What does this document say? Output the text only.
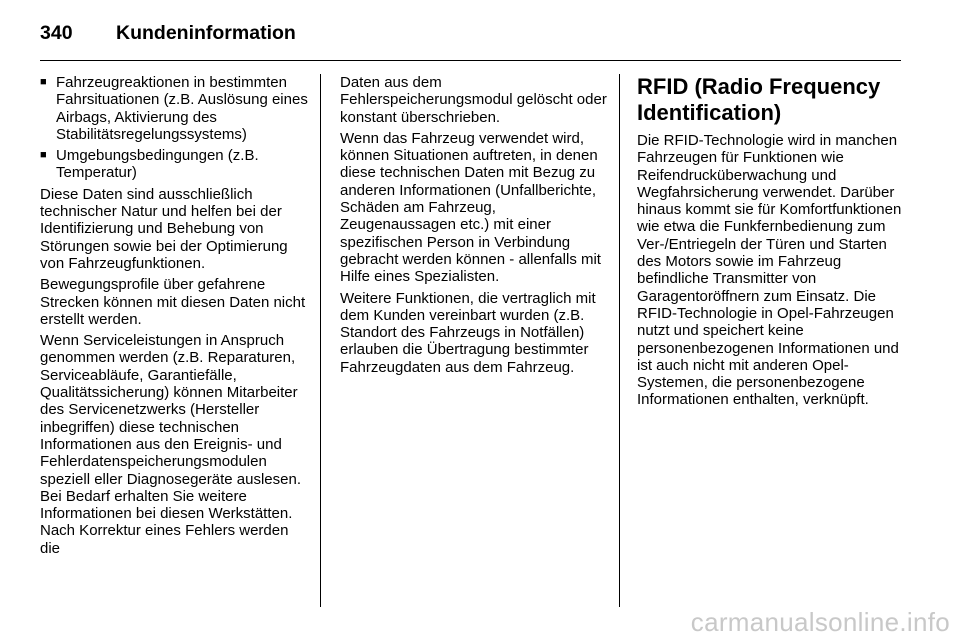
340 Kundeninformation
■ Fahrzeugreaktionen in bestimmten Fahrsituationen (z.B. Auslösung eines Airbags, Aktivierung des Stabilitätsregelungssystems)
■ Umgebungsbedingungen (z.B. Temperatur)

Diese Daten sind ausschließlich technischer Natur und helfen bei der Identifizierung und Behebung von Störungen sowie bei der Optimierung von Fahrzeugfunktionen.

Bewegungsprofile über gefahrene Strecken können mit diesen Daten nicht erstellt werden.

Wenn Serviceleistungen in Anspruch genommen werden (z.B. Reparaturen, Serviceabläufe, Garantiefälle, Qualitätssicherung) können Mitarbeiter des Servicenetzwerks (Hersteller inbegriffen) diese technischen Informationen aus den Ereignis- und Fehlerdatenspeicherungsmodulen speziell eller Diagnosegeräte auslesen. Bei Bedarf erhalten Sie weitere Informationen bei diesen Werkstätten. Nach Korrektur eines Fehlers werden die

Daten aus dem Fehlerspeicherungsmodul gelöscht oder konstant überschrieben.

Wenn das Fahrzeug verwendet wird, können Situationen auftreten, in denen diese technischen Daten mit Bezug zu anderen Informationen (Unfallberichte, Schäden am Fahrzeug, Zeugenaussagen etc.) mit einer spezifischen Person in Verbindung gebracht werden können - allenfalls mit Hilfe eines Spezialisten.

Weitere Funktionen, die vertraglich mit dem Kunden vereinbart wurden (z.B. Standort des Fahrzeugs in Notfällen) erlauben die Übertragung bestimmter Fahrzeugdaten aus dem Fahrzeug.

RFID (Radio Frequency Identification)

Die RFID-Technologie wird in manchen Fahrzeugen für Funktionen wie Reifendrucküberwachung und Wegfahrsicherung verwendet. Darüber hinaus kommt sie für Komfortfunktionen wie etwa die Funkfernbedienung zum Ver-/Entriegeln der Türen und Starten des Motors sowie im Fahrzeug befindliche Transmitter von Garagentoröffnern zum Einsatz. Die RFID-Technologie in Opel-Fahrzeugen nutzt und speichert keine personenbezogenen Informationen und ist auch nicht mit anderen Opel-Systemen, die personenbezogene Informationen enthalten, verknüpft.

carmanualsonline.info
